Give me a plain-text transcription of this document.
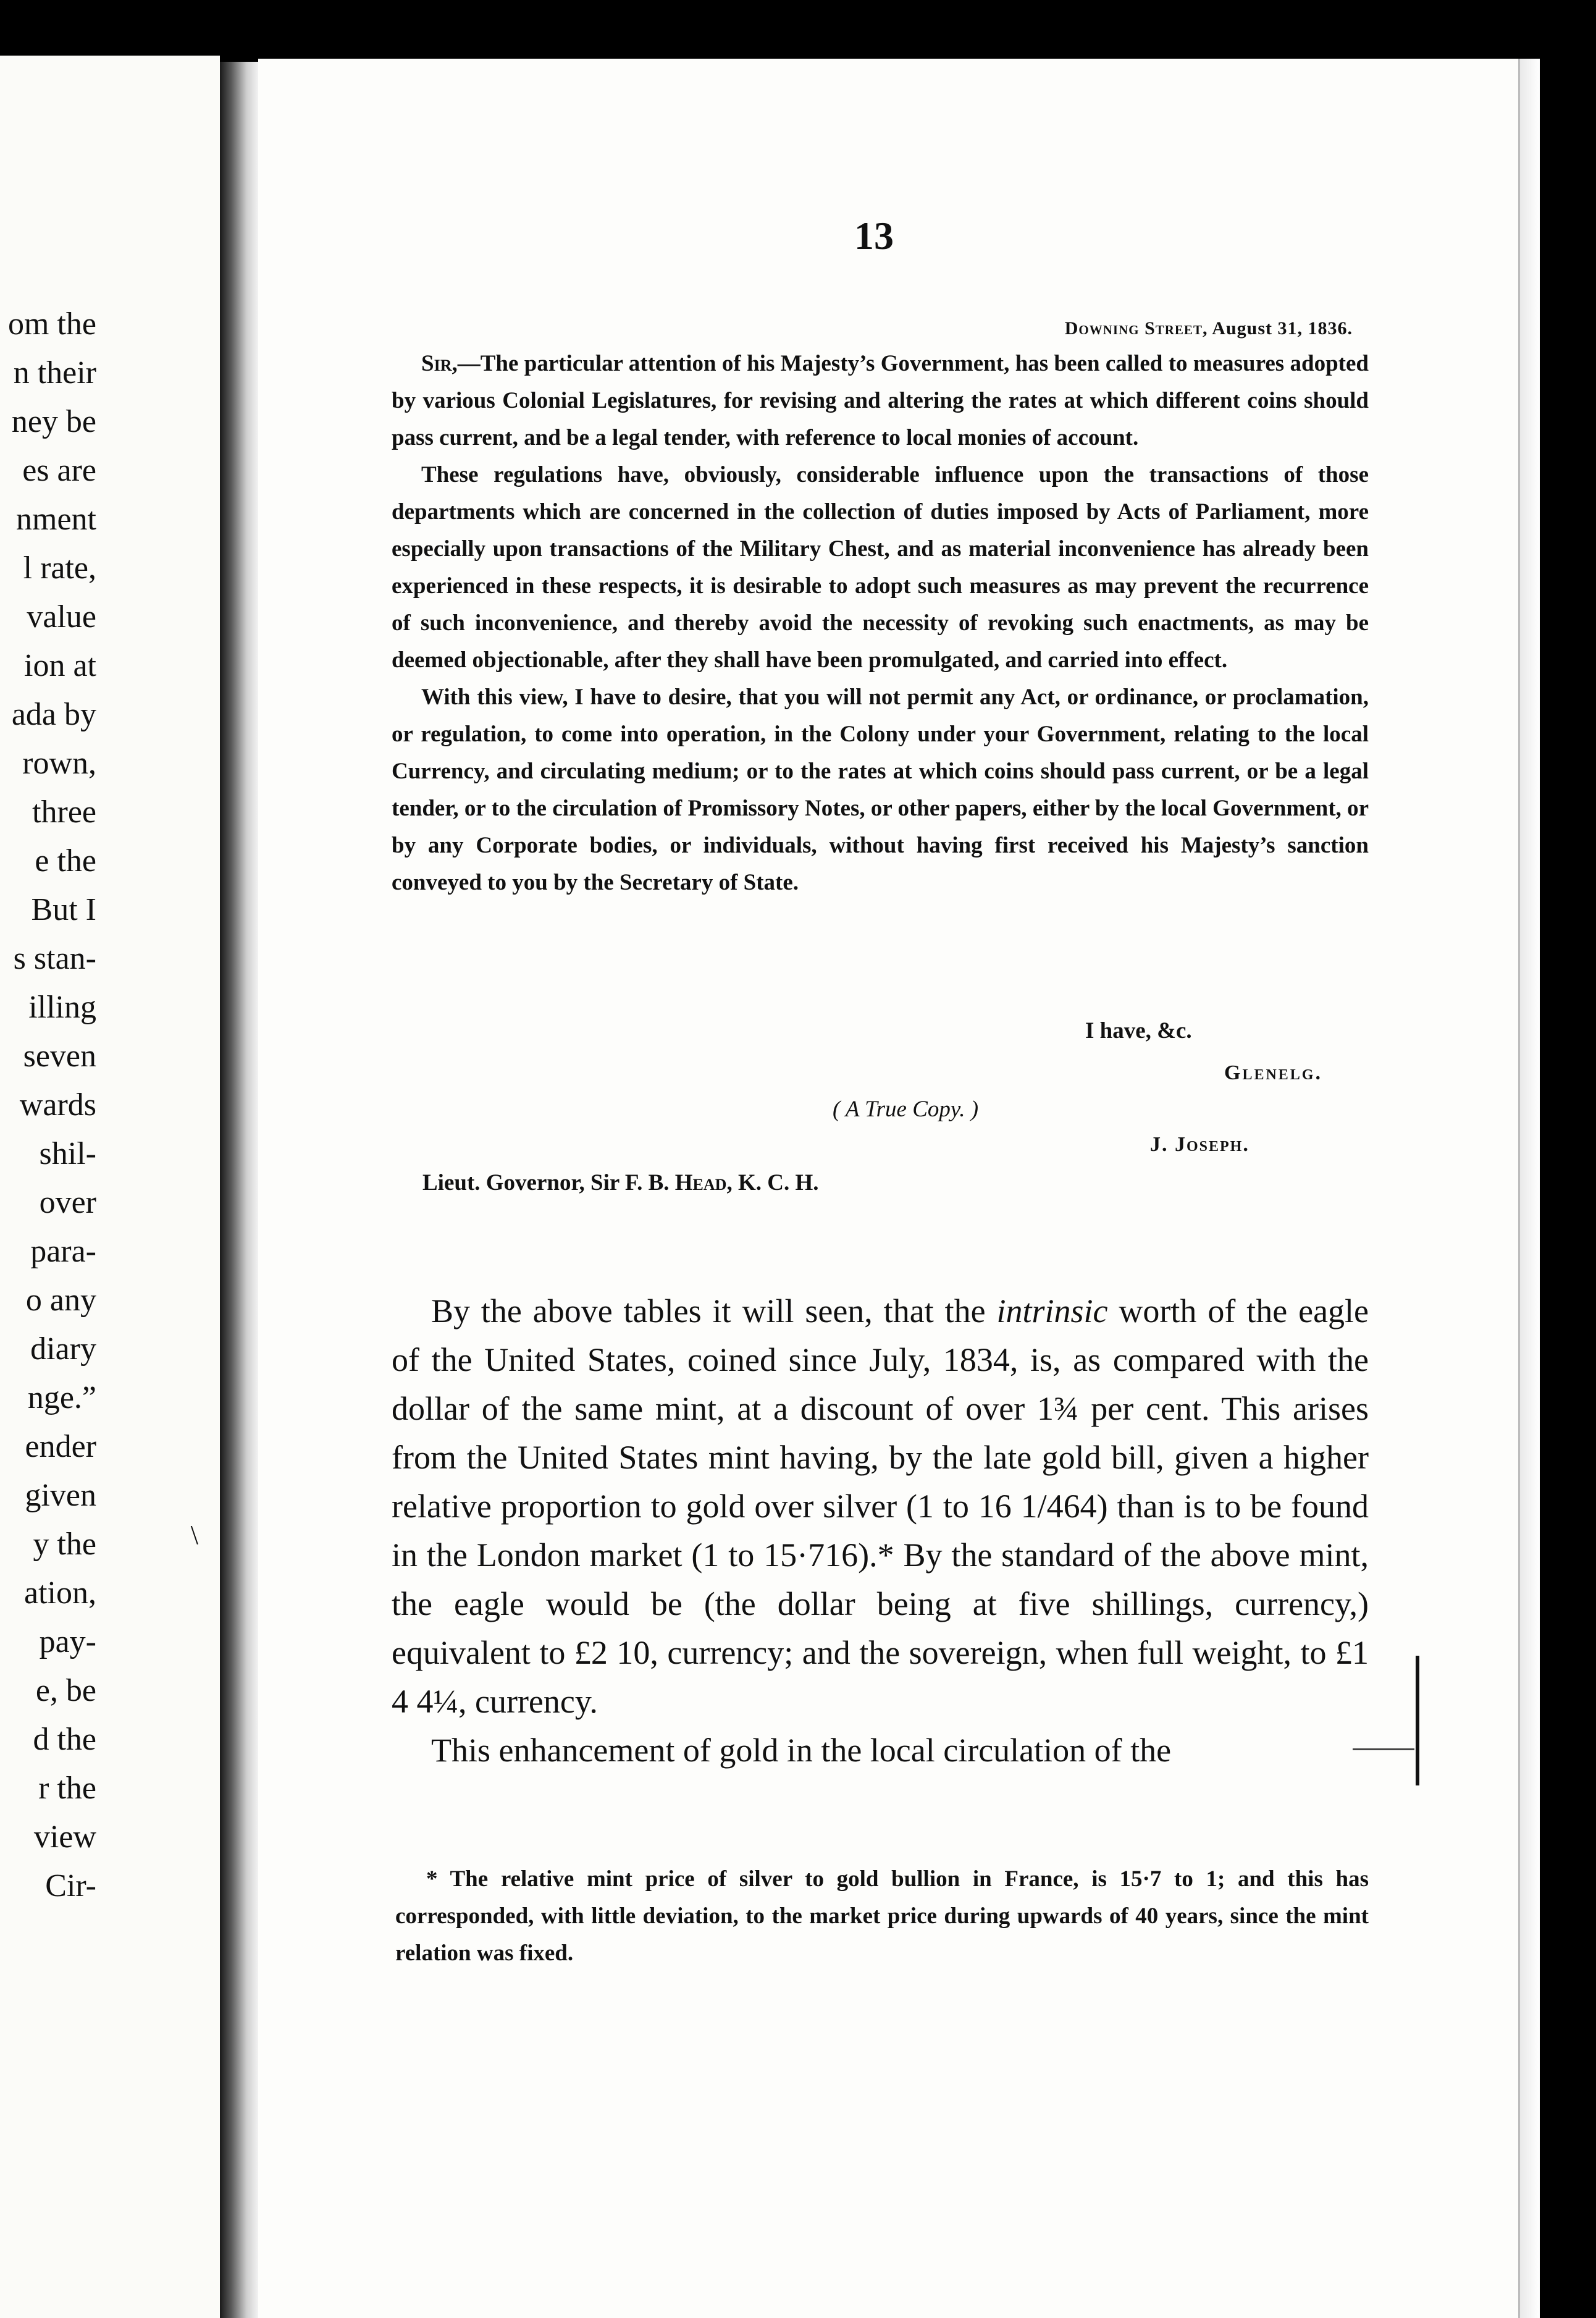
\
om the
n their
ney be
es are
nment
l rate,
value
ion at
ada by
rown,
three
e the
But I
s stan-
illing
seven
wards
shil-
over
para-
o any
diary
nge.”
ender
given
y the
ation,
pay-
e, be
d the
r the
view
Cir-
13
Downing Street, August 31, 1836.

Sir,—The particular attention of his Majesty’s Government, has been called to measures adopted by various Colonial Legislatures, for revising and altering the rates at which different coins should pass current, and be a legal tender, with reference to local monies of account.

These regulations have, obviously, considerable influence upon the transactions of those departments which are concerned in the collection of duties imposed by Acts of Parliament, more especially upon transactions of the Military Chest, and as material inconvenience has already been experienced in these respects, it is desirable to adopt such measures as may prevent the recurrence of such inconvenience, and thereby avoid the necessity of revoking such enactments, as may be deemed objectionable, after they shall have been promulgated, and carried into effect.

With this view, I have to desire, that you will not permit any Act, or ordinance, or proclamation, or regulation, to come into operation, in the Colony under your Government, relating to the local Currency, and circulating medium; or to the rates at which coins should pass current, or be a legal tender, or to the circulation of Promissory Notes, or other papers, either by the local Government, or by any Corporate bodies, or individuals, without having first received his Majesty’s sanction conveyed to you by the Secretary of State.

I have, &c.
Glenelg.
( A True Copy. )
J. Joseph.
Lieut. Governor, Sir F. B. Head, K. C. H.

By the above tables it will seen, that the intrinsic worth of the eagle of the United States, coined since July, 1834, is, as compared with the dollar of the same mint, at a discount of over 1¾ per cent. This arises from the United States mint having, by the late gold bill, given a higher relative proportion to gold over silver (1 to 16 1/464) than is to be found in the London market (1 to 15·716).* By the standard of the above mint, the eagle would be (the dollar being at five shillings, currency,) equivalent to £2 10, currency; and the sovereign, when full weight, to £1 4 4¼, currency.

This enhancement of gold in the local circulation of the

* The relative mint price of silver to gold bullion in France, is 15·7 to 1; and this has corresponded, with little deviation, to the market price during upwards of 40 years, since the mint relation was fixed.
